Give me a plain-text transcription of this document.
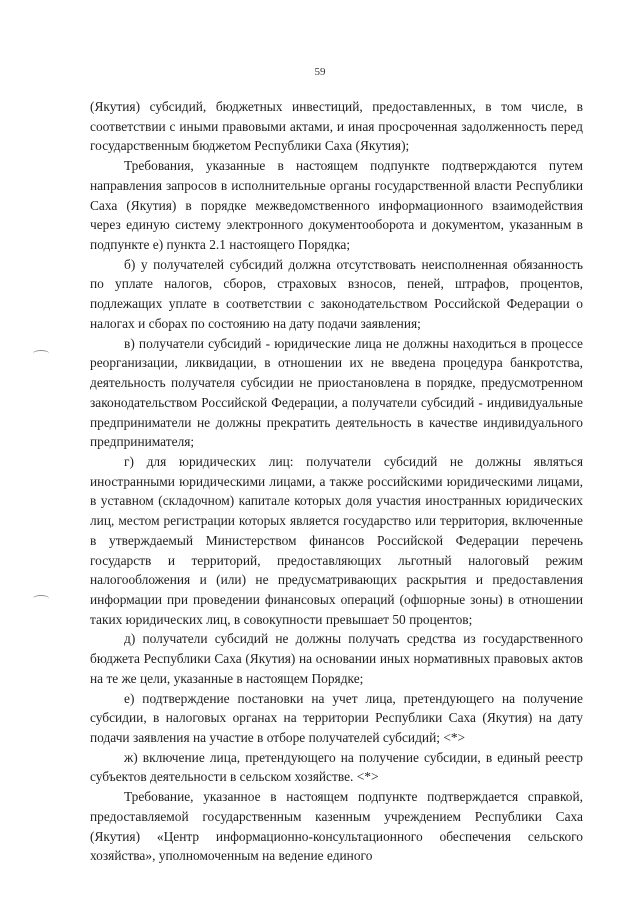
59

(Якутия) субсидий, бюджетных инвестиций, предоставленных, в том числе, в соответствии с иными правовыми актами, и иная просроченная задолженность перед государственным бюджетом Республики Саха (Якутия);

Требования, указанные в настоящем подпункте подтверждаются путем направления запросов в исполнительные органы государственной власти Республики Саха (Якутия) в порядке межведомственного информационного взаимодействия через единую систему электронного документооборота и документом, указанным в подпункте е) пункта 2.1 настоящего Порядка;

б) у получателей субсидий должна отсутствовать неисполненная обязанность по уплате налогов, сборов, страховых взносов, пеней, штрафов, процентов, подлежащих уплате в соответствии с законодательством Российской Федерации о налогах и сборах по состоянию на дату подачи заявления;

в) получатели субсидий - юридические лица не должны находиться в процессе реорганизации, ликвидации, в отношении их не введена процедура банкротства, деятельность получателя субсидии не приостановлена в порядке, предусмотренном законодательством Российской Федерации, а получатели субсидий - индивидуальные предприниматели не должны прекратить деятельность в качестве индивидуального предпринимателя;

г) для юридических лиц: получатели субсидий не должны являться иностранными юридическими лицами, а также российскими юридическими лицами, в уставном (складочном) капитале которых доля участия иностранных юридических лиц, местом регистрации которых является государство или территория, включенные в утверждаемый Министерством финансов Российской Федерации перечень государств и территорий, предоставляющих льготный налоговый режим налогообложения и (или) не предусматривающих раскрытия и предоставления информации при проведении финансовых операций (офшорные зоны) в отношении таких юридических лиц, в совокупности превышает 50 процентов;

д) получатели субсидий не должны получать средства из государственного бюджета Республики Саха (Якутия) на основании иных нормативных правовых актов на те же цели, указанные в настоящем Порядке;

е) подтверждение постановки на учет лица, претендующего на получение субсидии, в налоговых органах на территории Республики Саха (Якутия) на дату подачи заявления на участие в отборе получателей субсидий; <*>

ж) включение лица, претендующего на получение субсидии, в единый реестр субъектов деятельности в сельском хозяйстве. <*>

Требование, указанное в настоящем подпункте подтверждается справкой, предоставляемой государственным казенным учреждением Республики Саха (Якутия) «Центр информационно-консультационного обеспечения сельского хозяйства», уполномоченным на ведение единого
